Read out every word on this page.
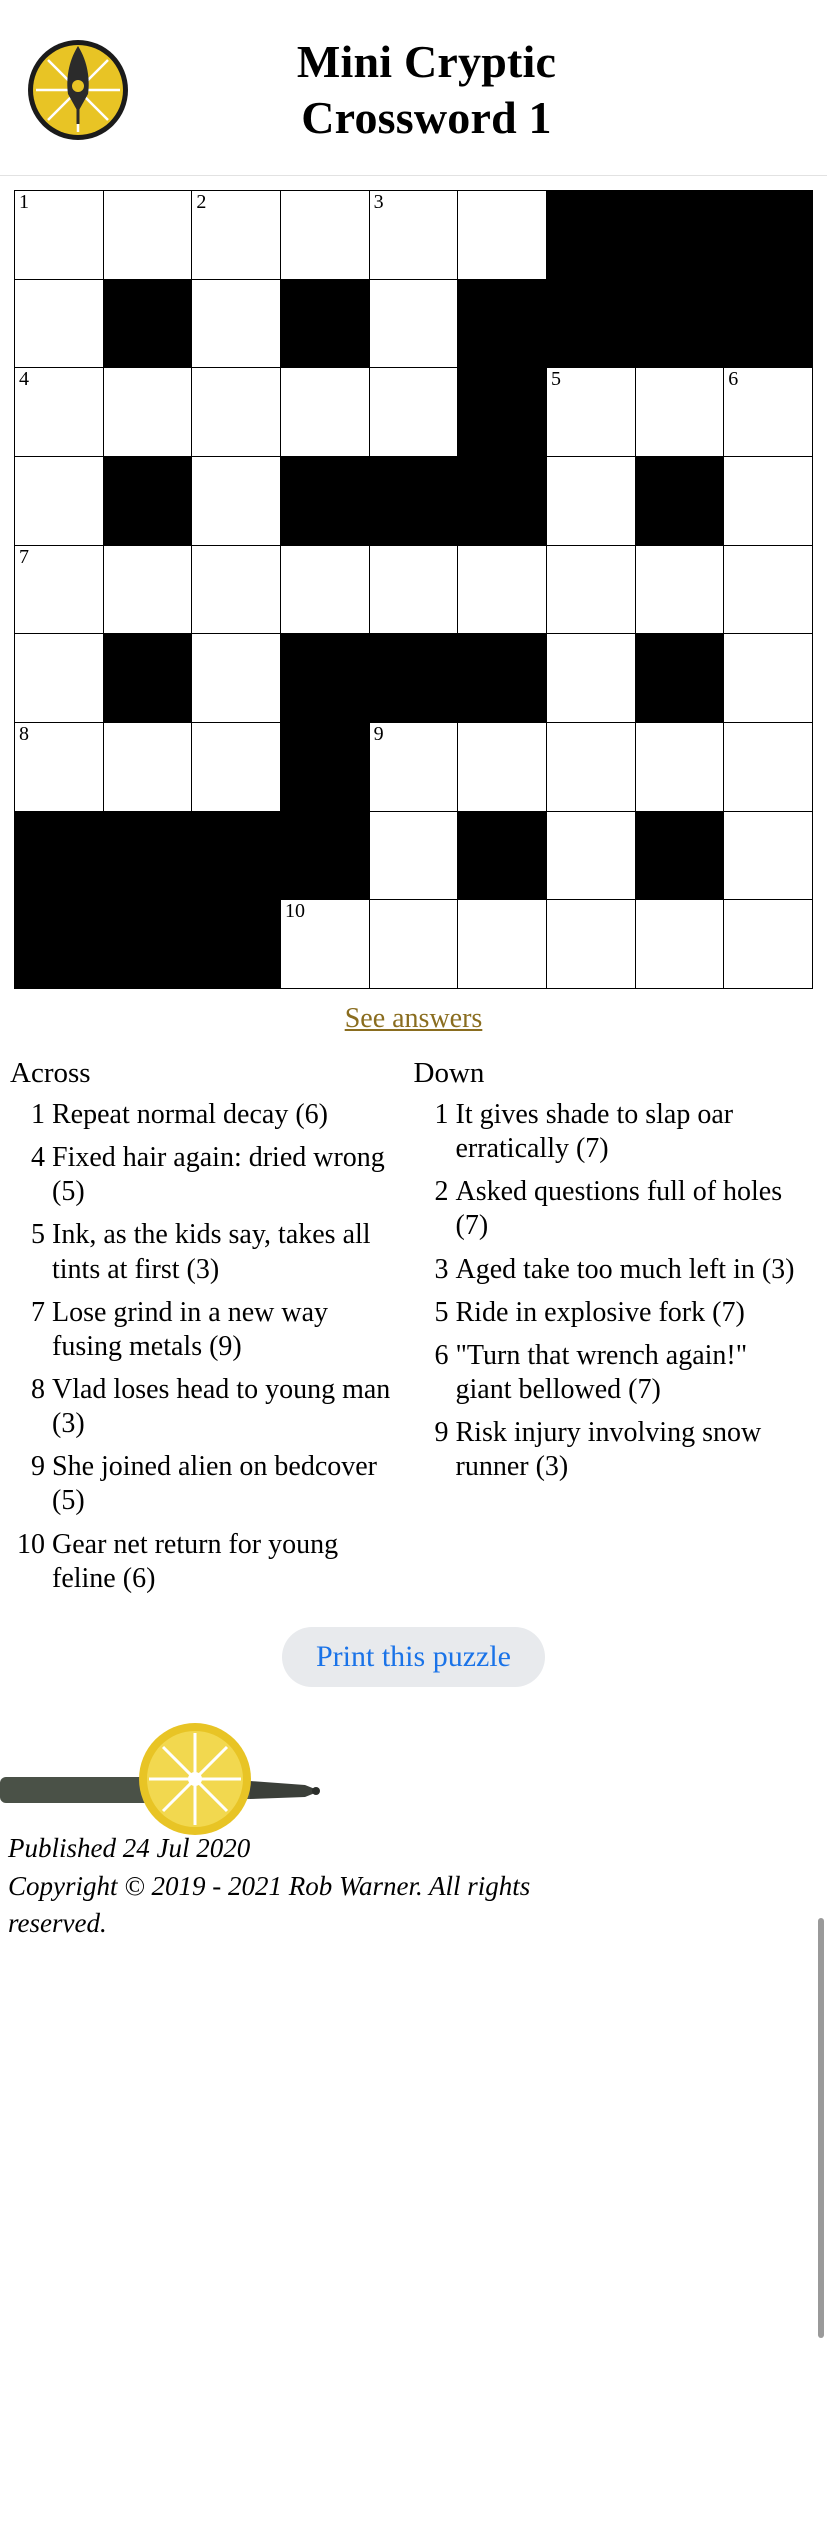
Mini Cryptic
Crossword 1
1		2		3				

4						5		6

7								

8				9				

			10					

See answers
Across
1 Repeat normal decay (6)
4 Fixed hair again: dried wrong (5)
5 Ink, as the kids say, takes all tints at first (3)
7 Lose grind in a new way fusing metals (9)
8 Vlad loses head to young man (3)
9 She joined alien on bedcover (5)
10 Gear net return for young feline (6)
Down
1 It gives shade to slap oar erratically (7)
2 Asked questions full of holes (7)
3 Aged take too much left in (3)
5 Ride in explosive fork (7)
6 "Turn that wrench again!" giant bellowed (7)
9 Risk injury involving snow runner (3)
Print this puzzle
Published 24 Jul 2020
Copyright © 2019 - 2021 Rob Warner. All rights
reserved.
